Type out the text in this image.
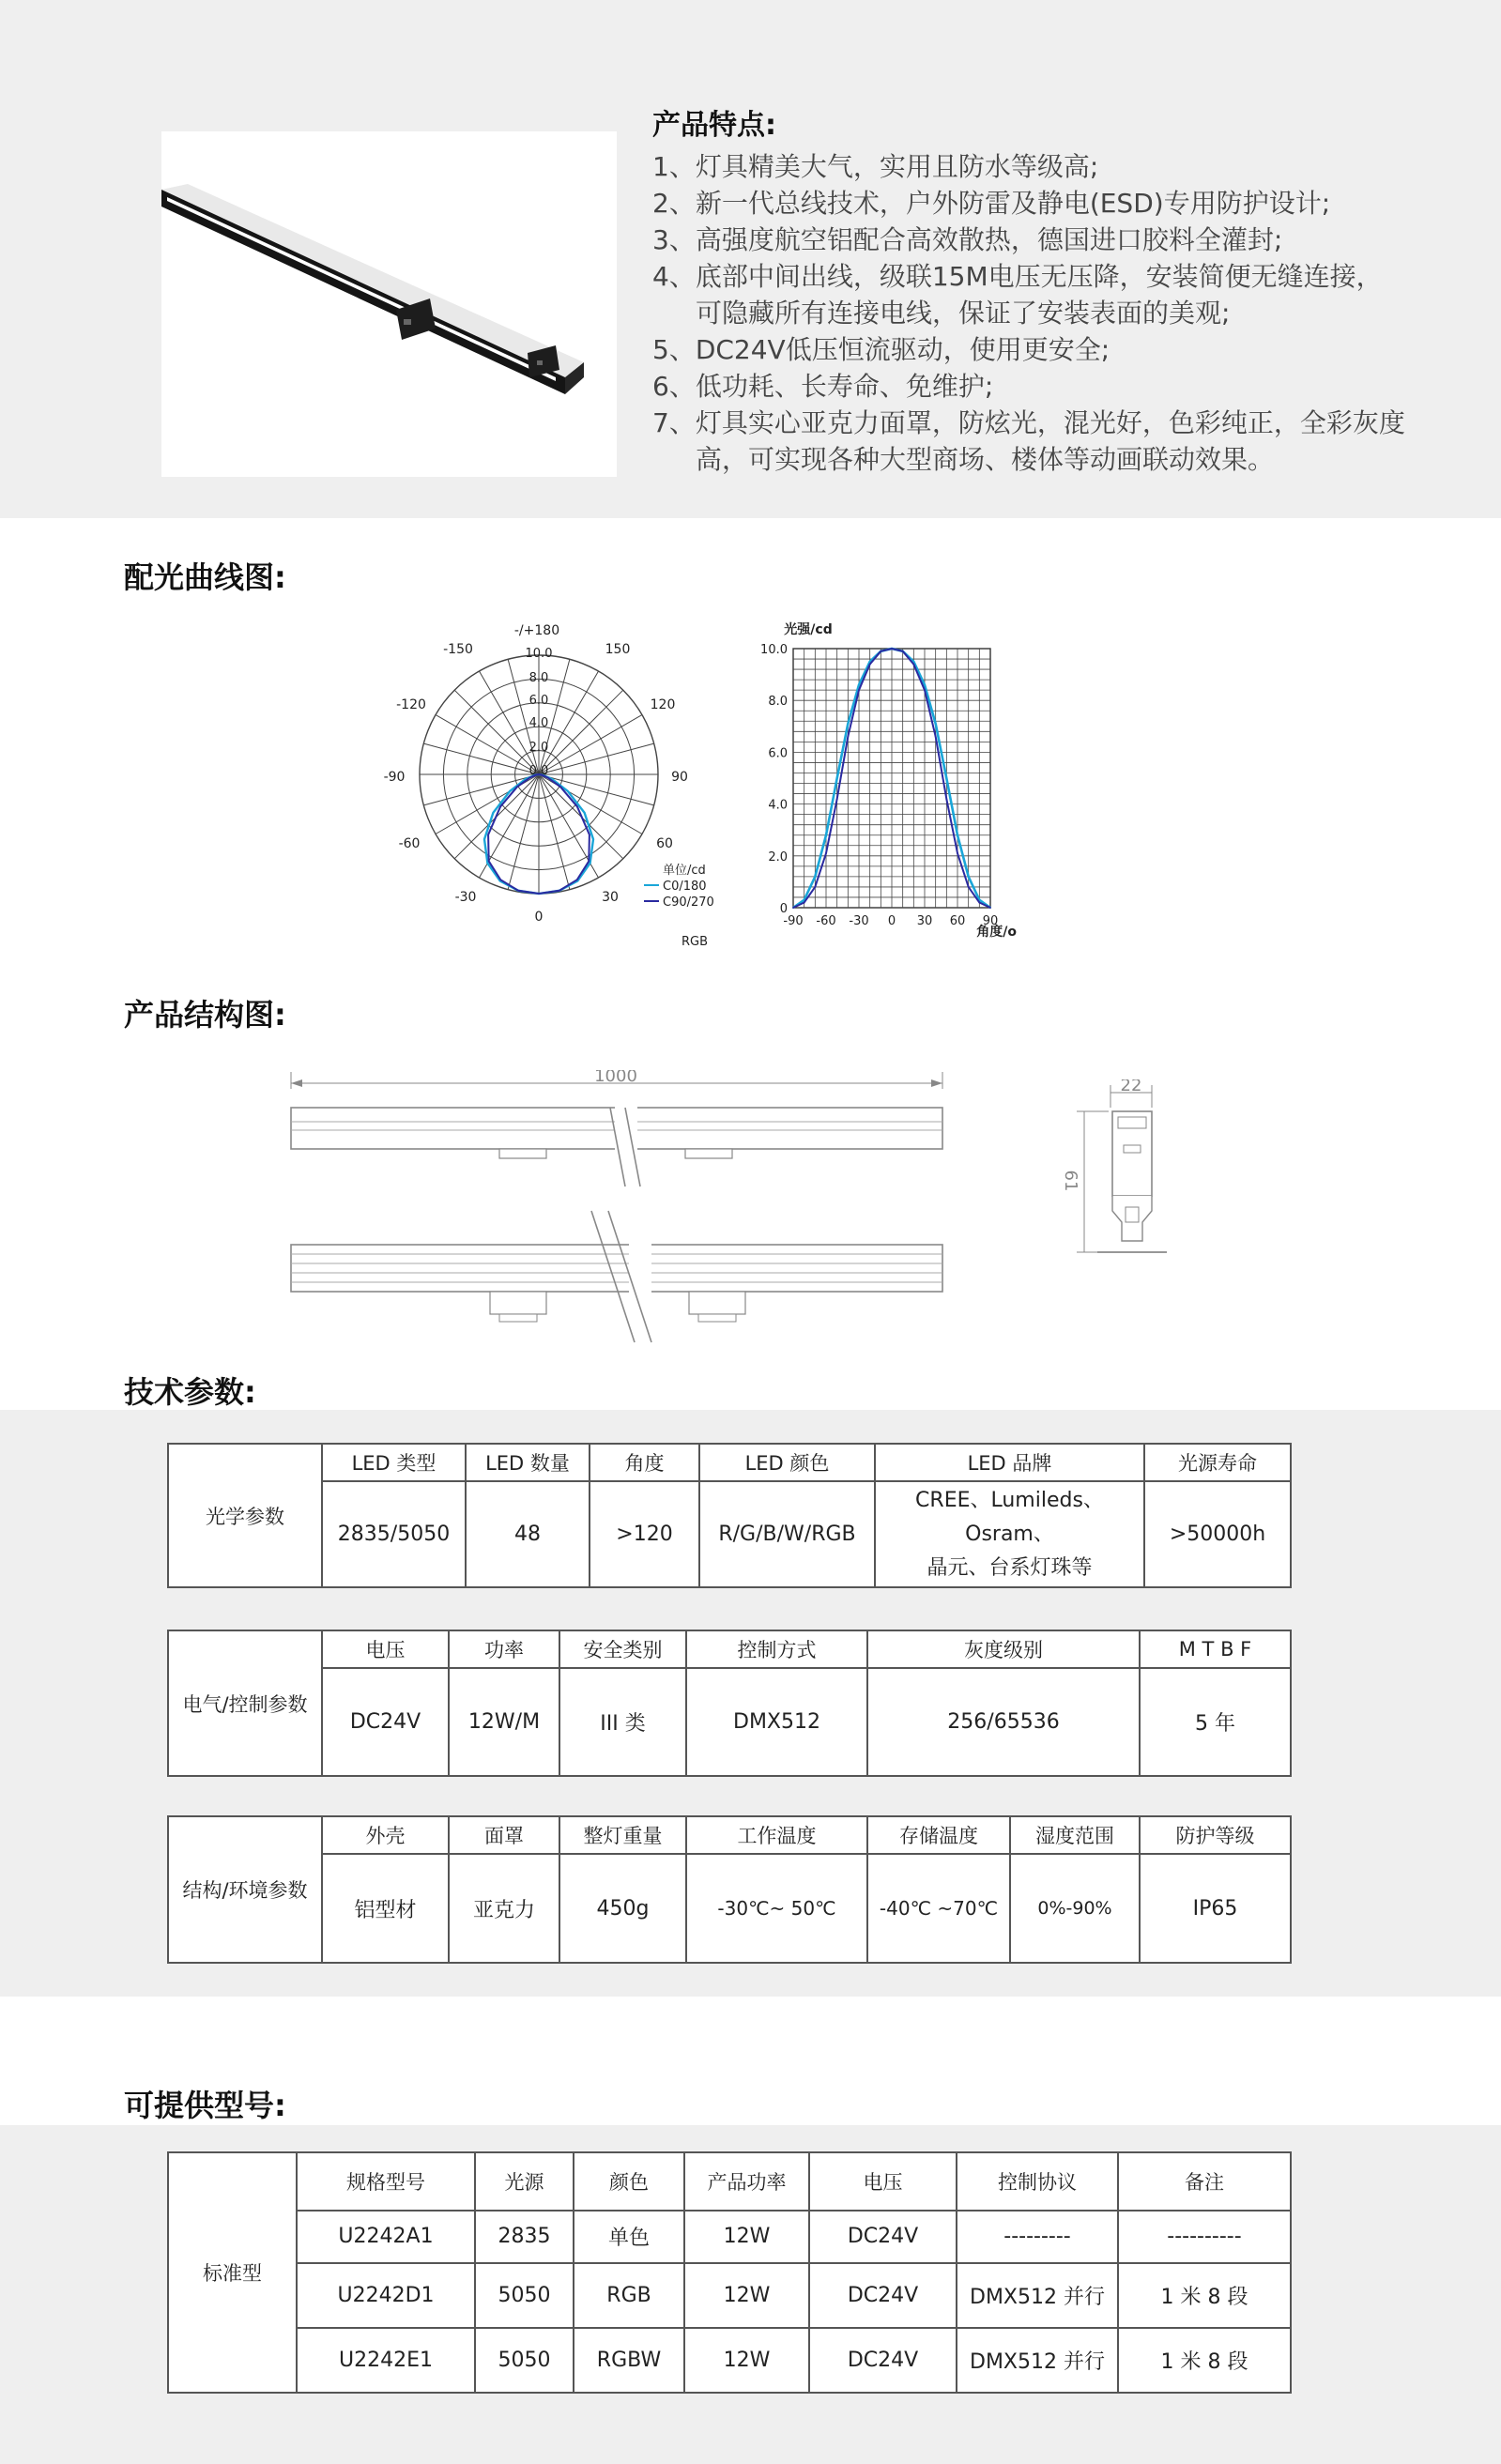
产品特点:
1、灯具精美大气，实用且防水等级高;
2、新一代总线技术，户外防雷及静电(ESD)专用防护设计;
3、高强度航空铝配合高效散热，德国进口胶料全灌封;
4、底部中间出线，级联15M电压无压降，安装简便无缝连接，
可隐藏所有连接电线，保证了安装表面的美观;
5、DC24V低压恒流驱动，使用更安全;
6、低功耗、长寿命、免维护;
7、灯具实心亚克力面罩，防炫光，混光好，色彩纯正，全彩灰度
高，可实现各种大型商场、楼体等动画联动效果。
配光曲线图:
-/+180
-150	150
-120	120
-90	90
-60	60
-30	30
0
10.0
8.0
6.0
4.0
2.0
0.0
单位/cd
C0/180
C90/270
RGB
光强/cd
角度/o
-90 -60 -30 0 30 60 90
10.0
8.0
6.0
4.0
2.0
0
产品结构图:
1000	22
61
技术参数:
光学参数	LED 类型	LED 数量	角度	LED 颜色	LED 品牌	光源寿命
	2835/5050	48	>120	R/G/B/W/RGB	CREE、Lumileds、Osram、
晶元、台系灯珠等	>50000h
电气/控制参数	电压	功率	安全类别	控制方式	灰度级别	M T B F
	DC24V	12W/M	III 类	DMX512	256/65536	5 年
结构/环境参数	外壳	面罩	整灯重量	工作温度	存储温度	湿度范围	防护等级
	铝型材	亚克力	450g	-30℃~ 50℃	-40℃ ~70℃	0%-90%	IP65
可提供型号:
标准型	规格型号	光源	颜色	产品功率	电压	控制协议	备注
	U2242A1	2835	单色	12W	DC24V	---------	----------
	U2242D1	5050	RGB	12W	DC24V	DMX512 并行	1 米 8 段
	U2242E1	5050	RGBW	12W	DC24V	DMX512 并行	1 米 8 段
